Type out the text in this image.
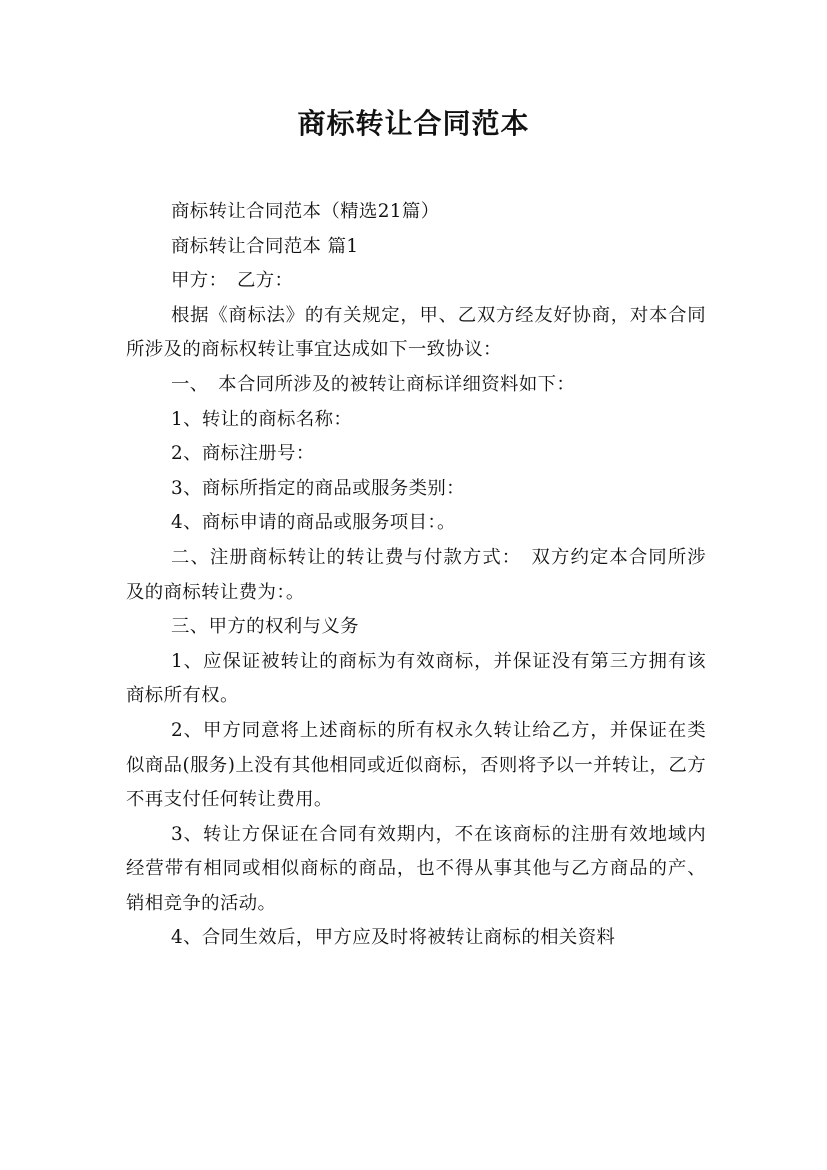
商标转让合同范本

商标转让合同范本（精选21篇）

商标转让合同范本 篇1

甲方：　乙方：

根据《商标法》的有关规定，甲、乙双方经友好协商，对本合同所涉及的商标权转让事宜达成如下一致协议：

一、　本合同所涉及的被转让商标详细资料如下：

1、转让的商标名称：

2、商标注册号：

3、商标所指定的商品或服务类别：

4、商标申请的商品或服务项目：。

二、注册商标转让的转让费与付款方式：　双方约定本合同所涉及的商标转让费为：。

三、甲方的权利与义务

1、应保证被转让的商标为有效商标，并保证没有第三方拥有该商标所有权。

2、甲方同意将上述商标的所有权永久转让给乙方，并保证在类似商品(服务)上没有其他相同或近似商标，否则将予以一并转让，乙方不再支付任何转让费用。

3、转让方保证在合同有效期内，不在该商标的注册有效地域内经营带有相同或相似商标的商品，也不得从事其他与乙方商品的产、销相竞争的活动。

4、合同生效后，甲方应及时将被转让商标的相关资料
